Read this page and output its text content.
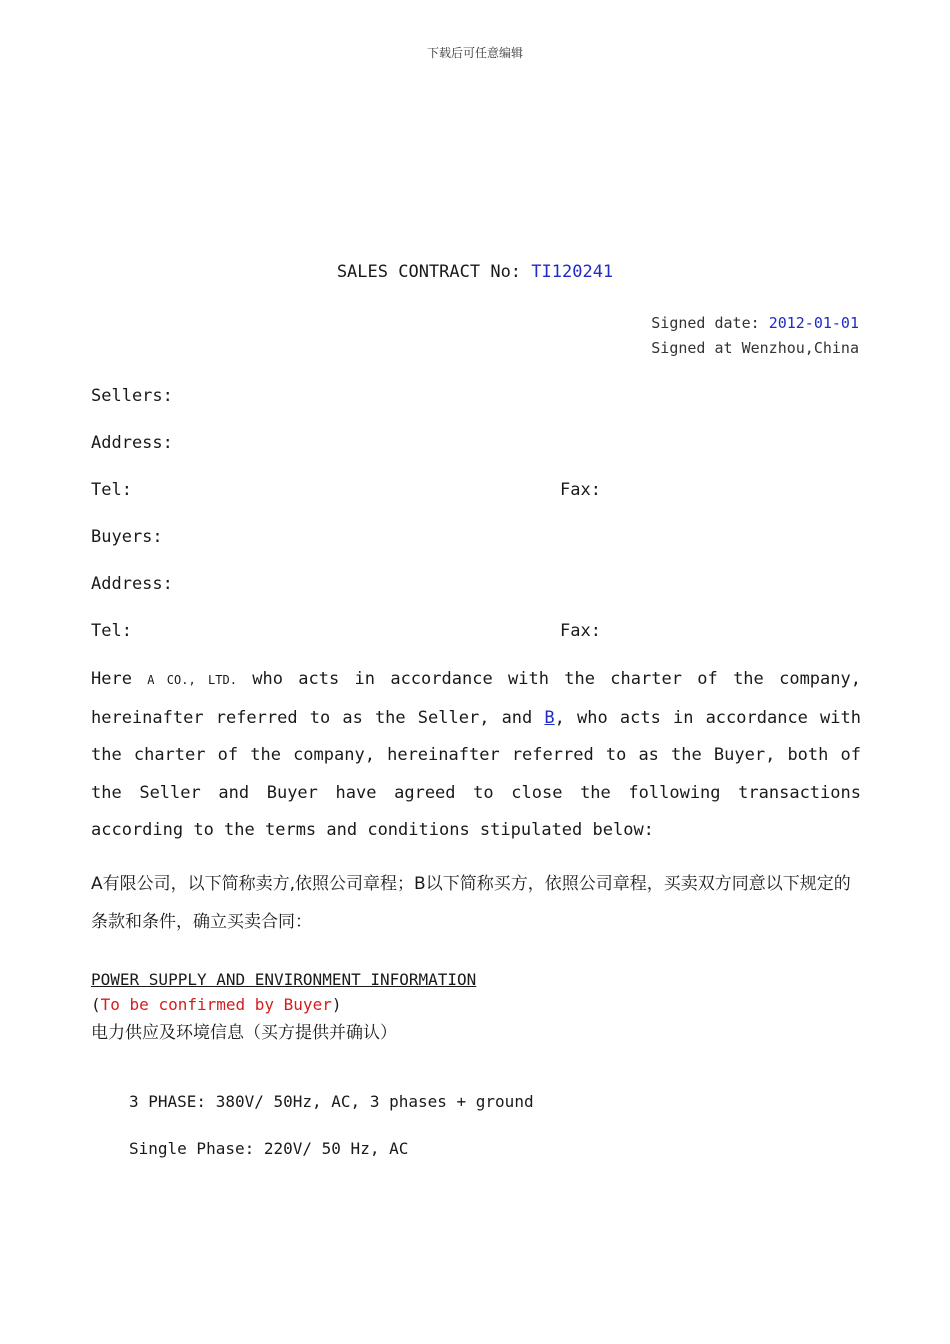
下载后可任意编辑
SALES CONTRACT No: TI120241
Signed date: 2012-01-01
Signed at Wenzhou,China
Sellers:
Address:
Tel:	Fax:
Buyers:
Address:
Tel:	Fax:
Here A CO., LTD. who acts in accordance with the charter of the company, hereinafter referred to as the Seller, and B, who acts in accordance with the charter of the company, hereinafter referred to as the Buyer, both of the Seller and Buyer have agreed to close the following transactions according to the terms and conditions stipulated below:
A有限公司，以下简称卖方,依照公司章程；B以下简称买方，依照公司章程，买卖双方同意以下规定的条款和条件，确立买卖合同：
POWER SUPPLY AND ENVIRONMENT INFORMATION
(To be confirmed by Buyer)
电力供应及环境信息（买方提供并确认）
3 PHASE: 380V/ 50Hz, AC, 3 phases + ground
Single Phase: 220V/ 50 Hz, AC
